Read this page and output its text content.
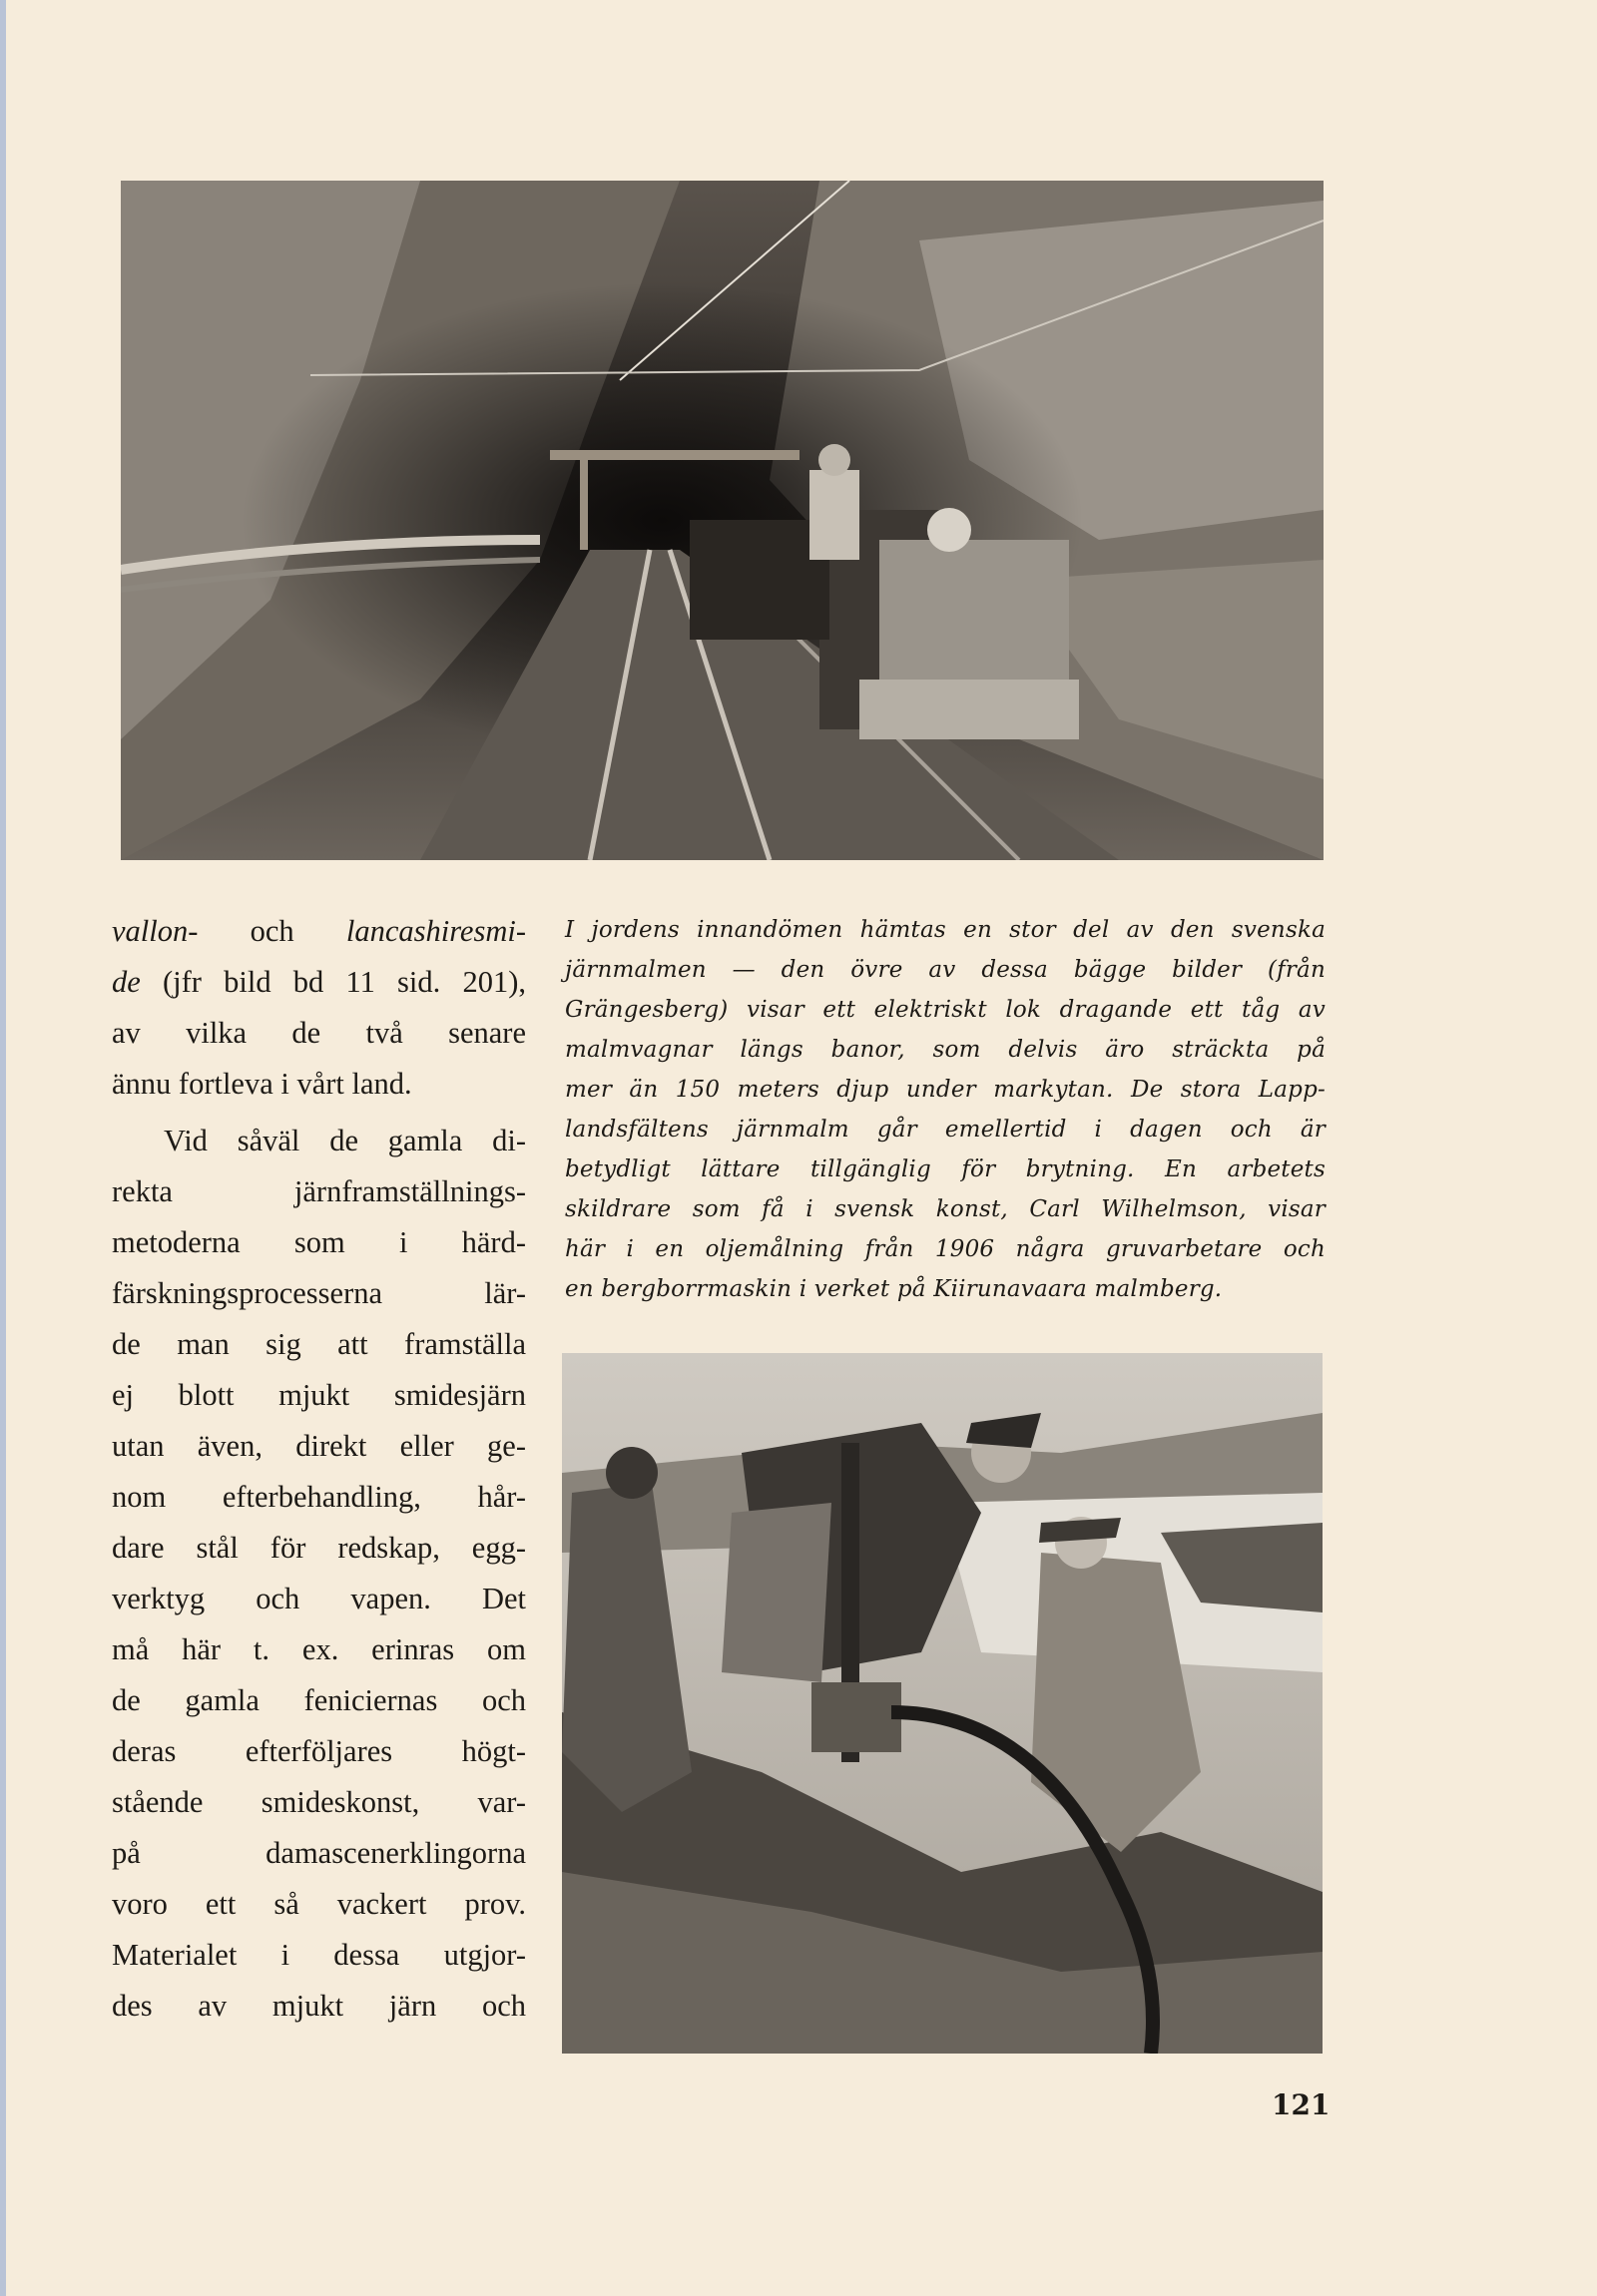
vallon- och lancashiresmi-
de (jfr bild bd 11 sid. 201),
av vilka de två senare
ännu fortleva i vårt land.
Vid såväl de gamla di-
rekta järnframställnings-
metoderna som i härd-
färskningsprocesserna lär-
de man sig att framställa
ej blott mjukt smidesjärn
utan även, direkt eller ge-
nom efterbehandling, hår-
dare stål för redskap, egg-
verktyg och vapen. Det
må här t. ex. erinras om
de gamla feniciernas och
deras efterföljares högt-
stående smideskonst, var-
på damascenerklingorna
voro ett så vackert prov.
Materialet i dessa utgjor-
des av mjukt järn och
I jordens innandömen hämtas en stor del av den svenska
järnmalmen — den övre av dessa bägge bilder (från
Grängesberg) visar ett elektriskt lok dragande ett tåg av
malmvagnar längs banor, som delvis äro sträckta på
mer än 150 meters djup under markytan. De stora Lapp-
landsfältens järnmalm går emellertid i dagen och är
betydligt lättare tillgänglig för brytning. En arbetets
skildrare som få i svensk konst, Carl Wilhelmson, visar
här i en oljemålning från 1906 några gruvarbetare och
en bergborrmaskin i verket på Kiirunavaara malmberg.
121
